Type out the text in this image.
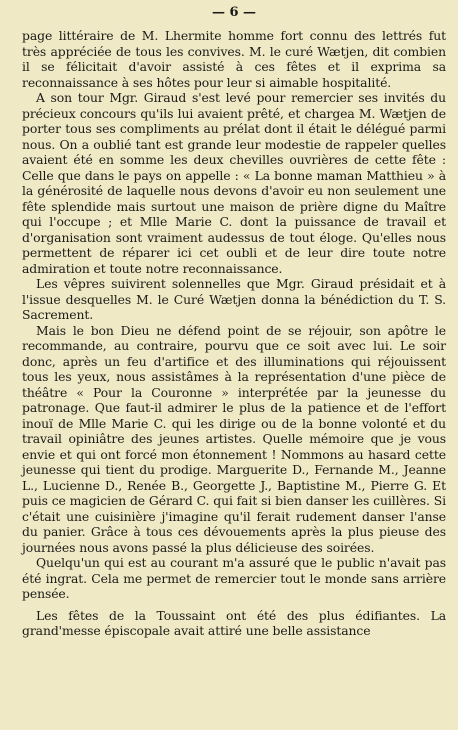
— 6 —

page littéraire de M. Lhermite homme fort connu des lettrés fut très appréciée de tous les convives. M. le curé Wætjen, dit combien il se félicitait d'avoir assisté à ces fêtes et il exprima sa reconnaissance à ses hôtes pour leur si aimable hospitalité.

A son tour Mgr. Giraud s'est levé pour remercier ses invités du précieux concours qu'ils lui avaient prêté, et chargea M. Wætjen de porter tous ses compliments au prélat dont il était le délégué parmi nous. On a oublié tant est grande leur modestie de rappeler quelles avaient été en somme les deux chevilles ouvrières de cette fête : Celle que dans le pays on appelle : « La bonne maman Matthieu » à la générosité de laquelle nous devons d'avoir eu non seulement une fête splendide mais surtout une maison de prière digne du Maître qui l'occupe ; et Mlle Marie C. dont la puissance de travail et d'organisation sont vraiment audessus de tout éloge. Qu'elles nous permettent de réparer ici cet oubli et de leur dire toute notre admiration et toute notre reconnaissance.

Les vêpres suivirent solennelles que Mgr. Giraud présidait et à l'issue desquelles M. le Curé Wætjen donna la bénédiction du T. S. Sacrement.

Mais le bon Dieu ne défend point de se réjouir, son apôtre le recommande, au contraire, pourvu que ce soit avec lui. Le soir donc, après un feu d'artifice et des illuminations qui réjouissent tous les yeux, nous assistâmes à la représentation d'une pièce de théâtre « Pour la Couronne » interprétée par la jeunesse du patronage. Que faut-il admirer le plus de la patience et de l'effort inouï de Mlle Marie C. qui les dirige ou de la bonne volonté et du travail opiniâtre des jeunes artistes. Quelle mémoire que je vous envie et qui ont forcé mon étonnement ! Nommons au hasard cette jeunesse qui tient du prodige. Marguerite D., Fernande M., Jeanne L., Lucienne D., Renée B., Georgette J., Baptistine M., Pierre G. Et puis ce magicien de Gérard C. qui fait si bien danser les cuillères. Si c'était une cuisinière j'imagine qu'il ferait rudement danser l'anse du panier. Grâce à tous ces dévouements après la plus pieuse des journées nous avons passé la plus délicieuse des soirées.

Quelqu'un qui est au courant m'a assuré que le public n'avait pas été ingrat. Cela me permet de remercier tout le monde sans arrière pensée.

Les fêtes de la Toussaint ont été des plus édifiantes. La grand'messe épiscopale avait attiré une belle assistance
